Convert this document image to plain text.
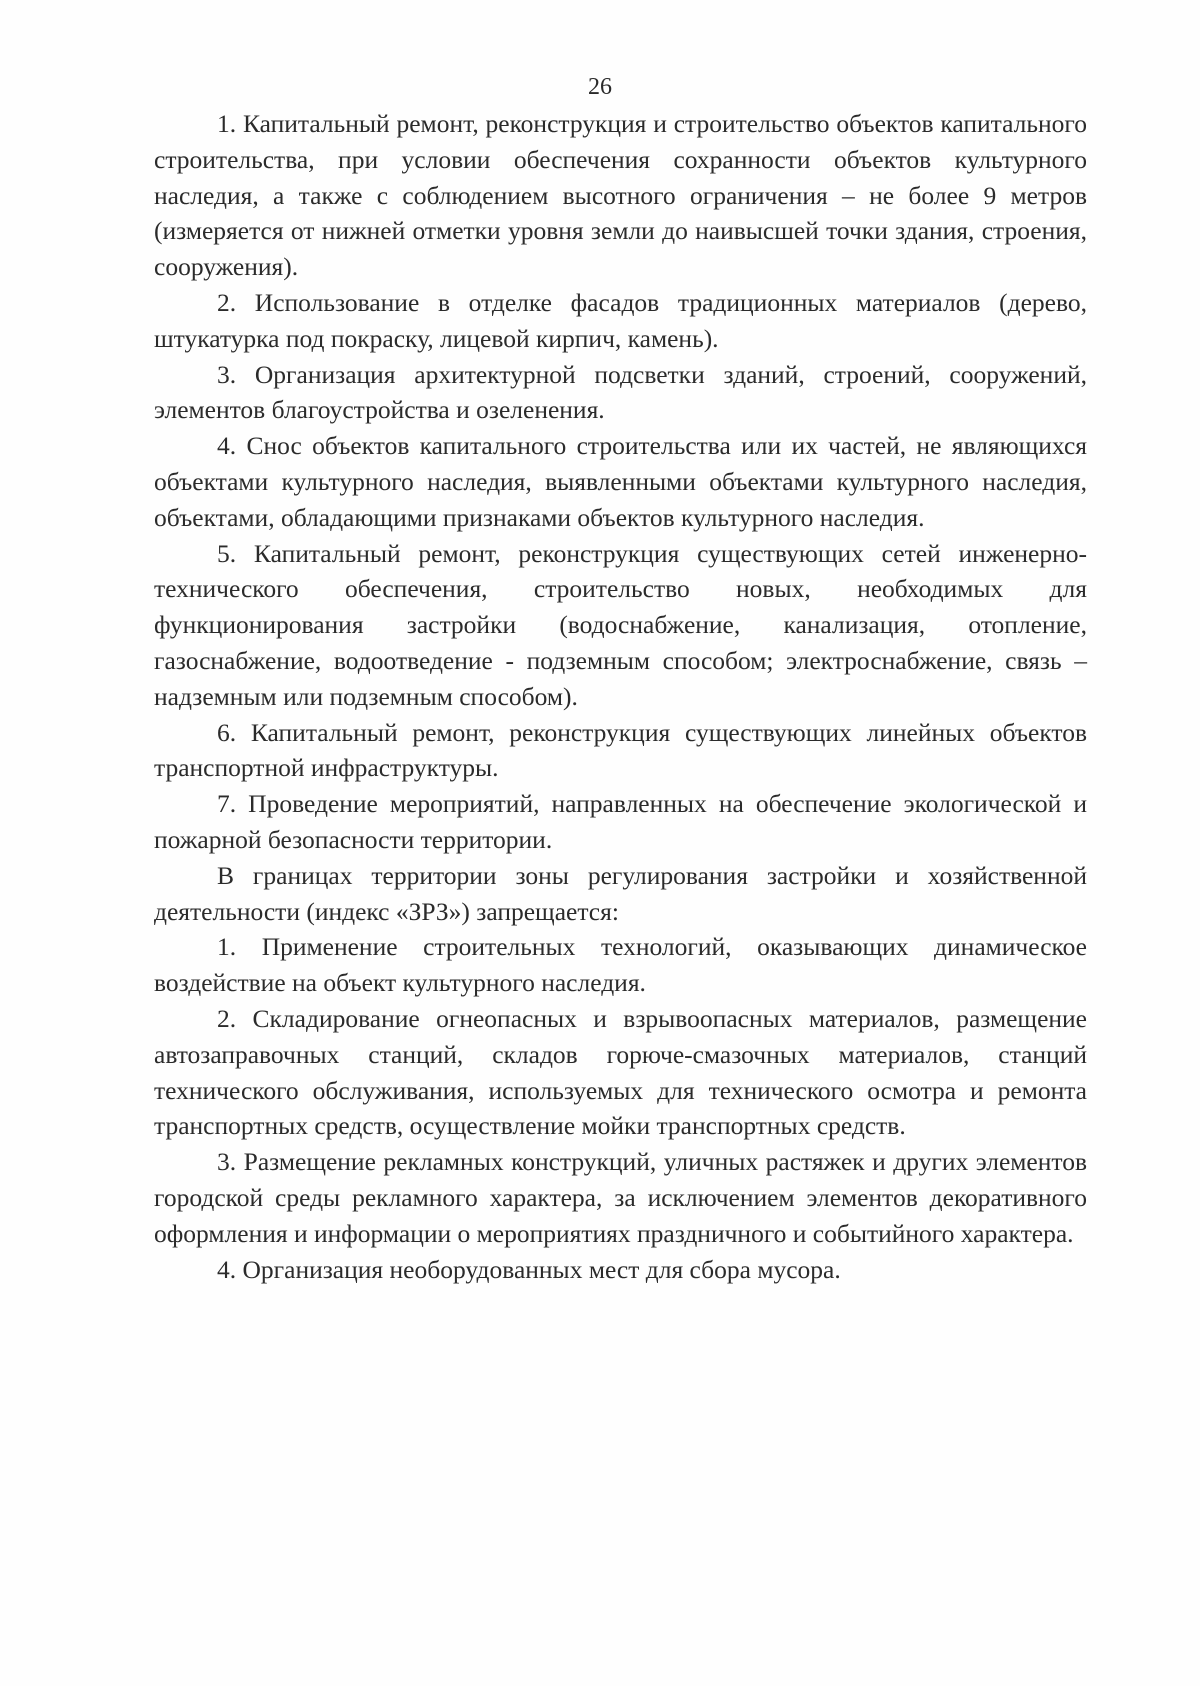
26

1. Капитальный ремонт, реконструкция и строительство объектов капитального строительства, при условии обеспечения сохранности объектов культурного наследия, а также с соблюдением высотного ограничения – не более 9 метров (измеряется от нижней отметки уровня земли до наивысшей точки здания, строения, сооружения).

2. Использование в отделке фасадов традиционных материалов (дерево, штукатурка под покраску, лицевой кирпич, камень).

3. Организация архитектурной подсветки зданий, строений, сооружений, элементов благоустройства и озеленения.

4. Снос объектов капитального строительства или их частей, не являющихся объектами культурного наследия, выявленными объектами культурного наследия, объектами, обладающими признаками объектов культурного наследия.

5. Капитальный ремонт, реконструкция существующих сетей инженерно-технического обеспечения, строительство новых, необходимых для функционирования застройки (водоснабжение, канализация, отопление, газоснабжение, водоотведение - подземным способом; электроснабжение, связь – надземным или подземным способом).

6. Капитальный ремонт, реконструкция существующих линейных объектов транспортной инфраструктуры.

7. Проведение мероприятий, направленных на обеспечение экологической и пожарной безопасности территории.

В границах территории зоны регулирования застройки и хозяйственной деятельности (индекс «ЗРЗ») запрещается:

1. Применение строительных технологий, оказывающих динамическое воздействие на объект культурного наследия.

2. Складирование огнеопасных и взрывоопасных материалов, размещение автозаправочных станций, складов горюче-смазочных материалов, станций технического обслуживания, используемых для технического осмотра и ремонта транспортных средств, осуществление мойки транспортных средств.

3. Размещение рекламных конструкций, уличных растяжек и других элементов городской среды рекламного характера, за исключением элементов декоративного оформления и информации о мероприятиях праздничного и событийного характера.

4. Организация необорудованных мест для сбора мусора.
